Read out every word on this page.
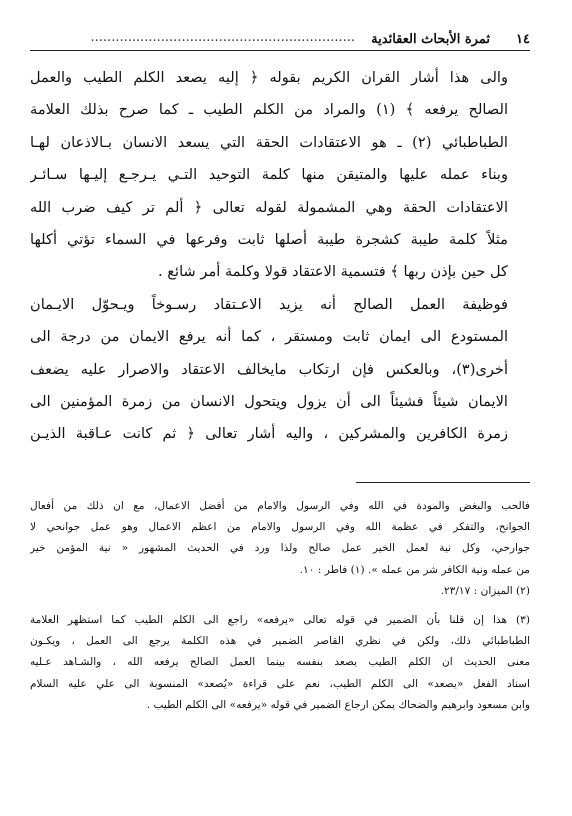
١٤
................................................................ ثمرة الأبحاث العقائدية

والى هذا أشار القران الكريم بقوله ﴿ إليه يصعد الكلم الطيب والعمل
الصالح يرفعه ﴾ (١) والمراد من الكلم الطيب ـ كما صرح بذلك العلامة
الطباطبائي (٢) ـ هو الاعتقادات الحقة التي يسعد الانسان بـالاذعان لهـا
وبناء عمله عليها والمتيقن منها كلمة التوحيد التـي يـرجـع إليـها سـائـر
الاعتقادات الحقة وهي المشمولة لقوله تعالى ﴿ ألم تر كيف ضرب الله
مثلاً كلمة طيبة كشجرة طيبة أصلها ثابت وفرعها في السماء تؤتي أكلها
كل حين بإذن ربها ﴾ فتسمية الاعتقاد قولا وكلمة أمر شائع .

فوظيفة العمل الصالح أنه يزيد الاعـتقاد رسـوخاً ويـحوّل الايـمان
المستودع الى ايمان ثابت ومستقر ، كما أنه يرفع الايمان من درجة الى
أخرى(٣)، وبالعكس فإن ارتكاب مايخالف الاعتقاد والاصرار عليه يضعف
الايمان شيئاً فشيئاً الى أن يزول ويتحول الانسان من زمرة المؤمنين الى
زمرة الكافرين والمشركين ، واليه أشار تعالى ﴿ ثم كانت عـاقبة الذيـن

فالحب والبغض والمودة في الله وفي الرسول والامام من أفضل الاعمال، مع ان ذلك من أفعال
الجوانح، والتفكر في عظمة الله وفي الرسول والامام من اعظم الاعمال وهو عمل جوانحي لا
جوارحي، وكل نية لعمل الخير عمل صالح ولذا ورد في الحديث المشهور « نية المؤمن خير
من عمله ونية الكافر شر من عمله ». (١) فاطر : ١٠.
(٢) الميزان : ٢٣/١٧.
(٣) هذا إن قلنا بأن الضمير في قوله تعالى «يرفعه» راجع الى الكلم الطيب كما استظهر العلامة
الطباطبائي ذلك، ولكن في نظري القاصر الضمير في هذه الكلمة يرجع الى العمل ، ويكـون
معنى الحديث ان الكلم الطيب يصعد بنفسه بينما العمل الصالح يرفعه الله ، والشـاهد عـليه
اسناد الفعل «يصعد» الى الكلم الطيب، نعم على قراءة «يُصعد» المنسوبة الى علي عليه السلام
وابن مسعود وابرهيم والضحاك يمكن ارجاع الضمير في قوله «يرفعه» الى الكلم الطيب .
